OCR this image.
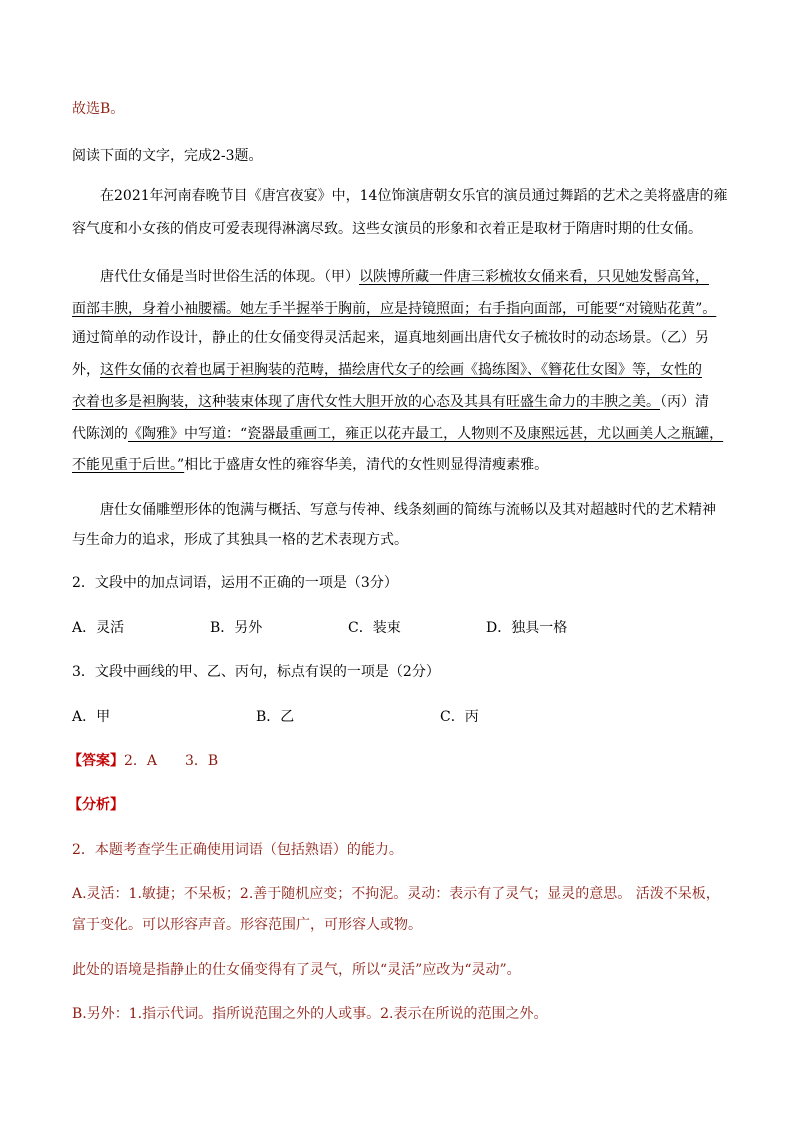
故选B。
阅读下面的文字，完成2-3题。
在2021年河南春晚节目《唐宫夜宴》中，14位饰演唐朝女乐官的演员通过舞蹈的艺术之美将盛唐的雍
容气度和小女孩的俏皮可爱表现得淋漓尽致。这些女演员的形象和衣着正是取材于隋唐时期的仕女俑。
唐代仕女俑是当时世俗生活的体现。（甲）以陕博所藏一件唐三彩梳妆女俑来看，只见她发髻高耸，
面部丰腴，身着小袖腰襦。她左手半握举于胸前，应是持镜照面；右手指向面部，可能要“对镜贴花黄”。
通过简单的动作设计，静止的仕女俑变得灵活起来，逼真地刻画出唐代女子梳妆时的动态场景。（乙）另
外，这件女俑的衣着也属于袒胸装的范畴，描绘唐代女子的绘画《捣练图》、《簪花仕女图》等，女性的
衣着也多是袒胸装，这种装束体现了唐代女性大胆开放的心态及其具有旺盛生命力的丰腴之美。（丙）清
代陈浏的《陶雅》中写道：“瓷器最重画工，雍正以花卉最工，人物则不及康熙远甚，尤以画美人之瓶罐，
不能见重于后世。”相比于盛唐女性的雍容华美，清代的女性则显得清瘦素雅。
唐仕女俑雕塑形体的饱满与概括、写意与传神、线条刻画的简练与流畅以及其对超越时代的艺术精神
与生命力的追求，形成了其独具一格的艺术表现方式。
2．文段中的加点词语，运用不正确的一项是（3分）
A．灵活	B．另外	C．装束	D．独具一格
3．文段中画线的甲、乙、丙句，标点有误的一项是（2分）
A．甲	B．乙	C．丙
【答案】2．A　　3．B
【分析】
2．本题考查学生正确使用词语（包括熟语）的能力。
A.灵活：1.敏捷；不呆板；2.善于随机应变；不拘泥。灵动：表示有了灵气；显灵的意思。 活泼不呆板，
富于变化。可以形容声音。形容范围广，可形容人或物。
此处的语境是指静止的仕女俑变得有了灵气，所以“灵活”应改为“灵动”。
B.另外：1.指示代词。指所说范围之外的人或事。2.表示在所说的范围之外。
